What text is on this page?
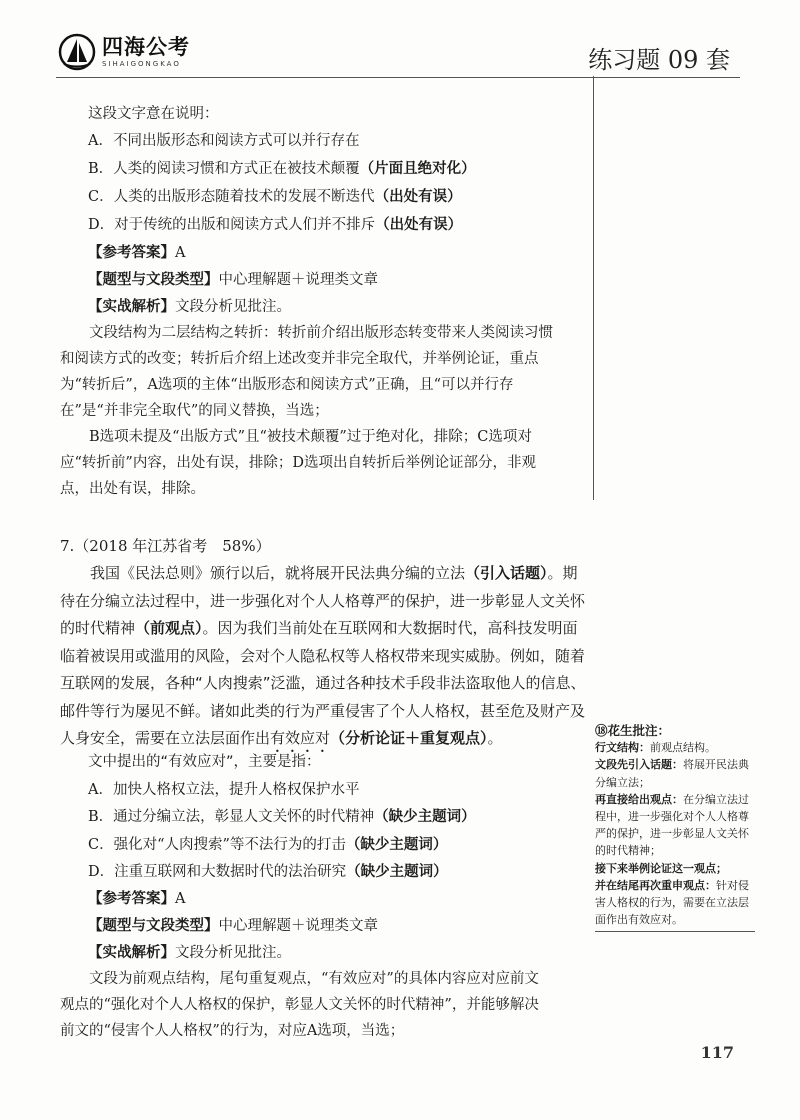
四海公考
SIHAIGONGKAO	练习题 09 套
这段文字意在说明：
A．不同出版形态和阅读方式可以并行存在
B．人类的阅读习惯和方式正在被技术颠覆（片面且绝对化）
C．人类的出版形态随着技术的发展不断迭代（出处有误）
D．对于传统的出版和阅读方式人们并不排斥（出处有误）
【参考答案】A
【题型与文段类型】中心理解题＋说理类文章
【实战解析】文段分析见批注。
文段结构为二层结构之转折：转折前介绍出版形态转变带来人类阅读习惯和阅读方式的改变；转折后介绍上述改变并非完全取代，并举例论证，重点为“转折后”，A选项的主体“出版形态和阅读方式”正确，且“可以并行存在”是“并非完全取代”的同义替换，当选；
B选项未提及“出版方式”且“被技术颠覆”过于绝对化，排除；C选项对应“转折前”内容，出处有误，排除；D选项出自转折后举例论证部分，非观点，出处有误，排除。
7.（2018 年江苏省考　58%）
我国《民法总则》颁行以后，就将展开民法典分编的立法（引入话题）。期待在分编立法过程中，进一步强化对个人人格尊严的保护，进一步彰显人文关怀的时代精神（前观点）。因为我们当前处在互联网和大数据时代，高科技发明面临着被误用或滥用的风险，会对个人隐私权等人格权带来现实威胁。例如，随着互联网的发展，各种“人肉搜索”泛滥，通过各种技术手段非法盗取他人的信息、邮件等行为屡见不鲜。诸如此类的行为严重侵害了个人人格权，甚至危及财产及人身安全，需要在立法层面作出有效应对（分析论证＋重复观点）。
文中提出的“有效应对”，主要是指：
A．加快人格权立法，提升人格权保护水平
B．通过分编立法，彰显人文关怀的时代精神（缺少主题词）
C．强化对“人肉搜索”等不法行为的打击（缺少主题词）
D．注重互联网和大数据时代的法治研究（缺少主题词）
【参考答案】A
【题型与文段类型】中心理解题＋说理类文章
【实战解析】文段分析见批注。
文段为前观点结构，尾句重复观点，“有效应对”的具体内容应对应前文观点的“强化对个人人格权的保护，彰显人文关怀的时代精神”，并能够解决前文的“侵害个人人格权”的行为，对应A选项，当选；
⑱花生批注：
行文结构：前观点结构。
文段先引入话题：将展开民法典分编立法；
再直接给出观点：在分编立法过程中，进一步强化对个人人格尊严的保护，进一步彰显人文关怀的时代精神；
接下来举例论证这一观点；
并在结尾再次重申观点：针对侵害人格权的行为，需要在立法层面作出有效应对。
117
